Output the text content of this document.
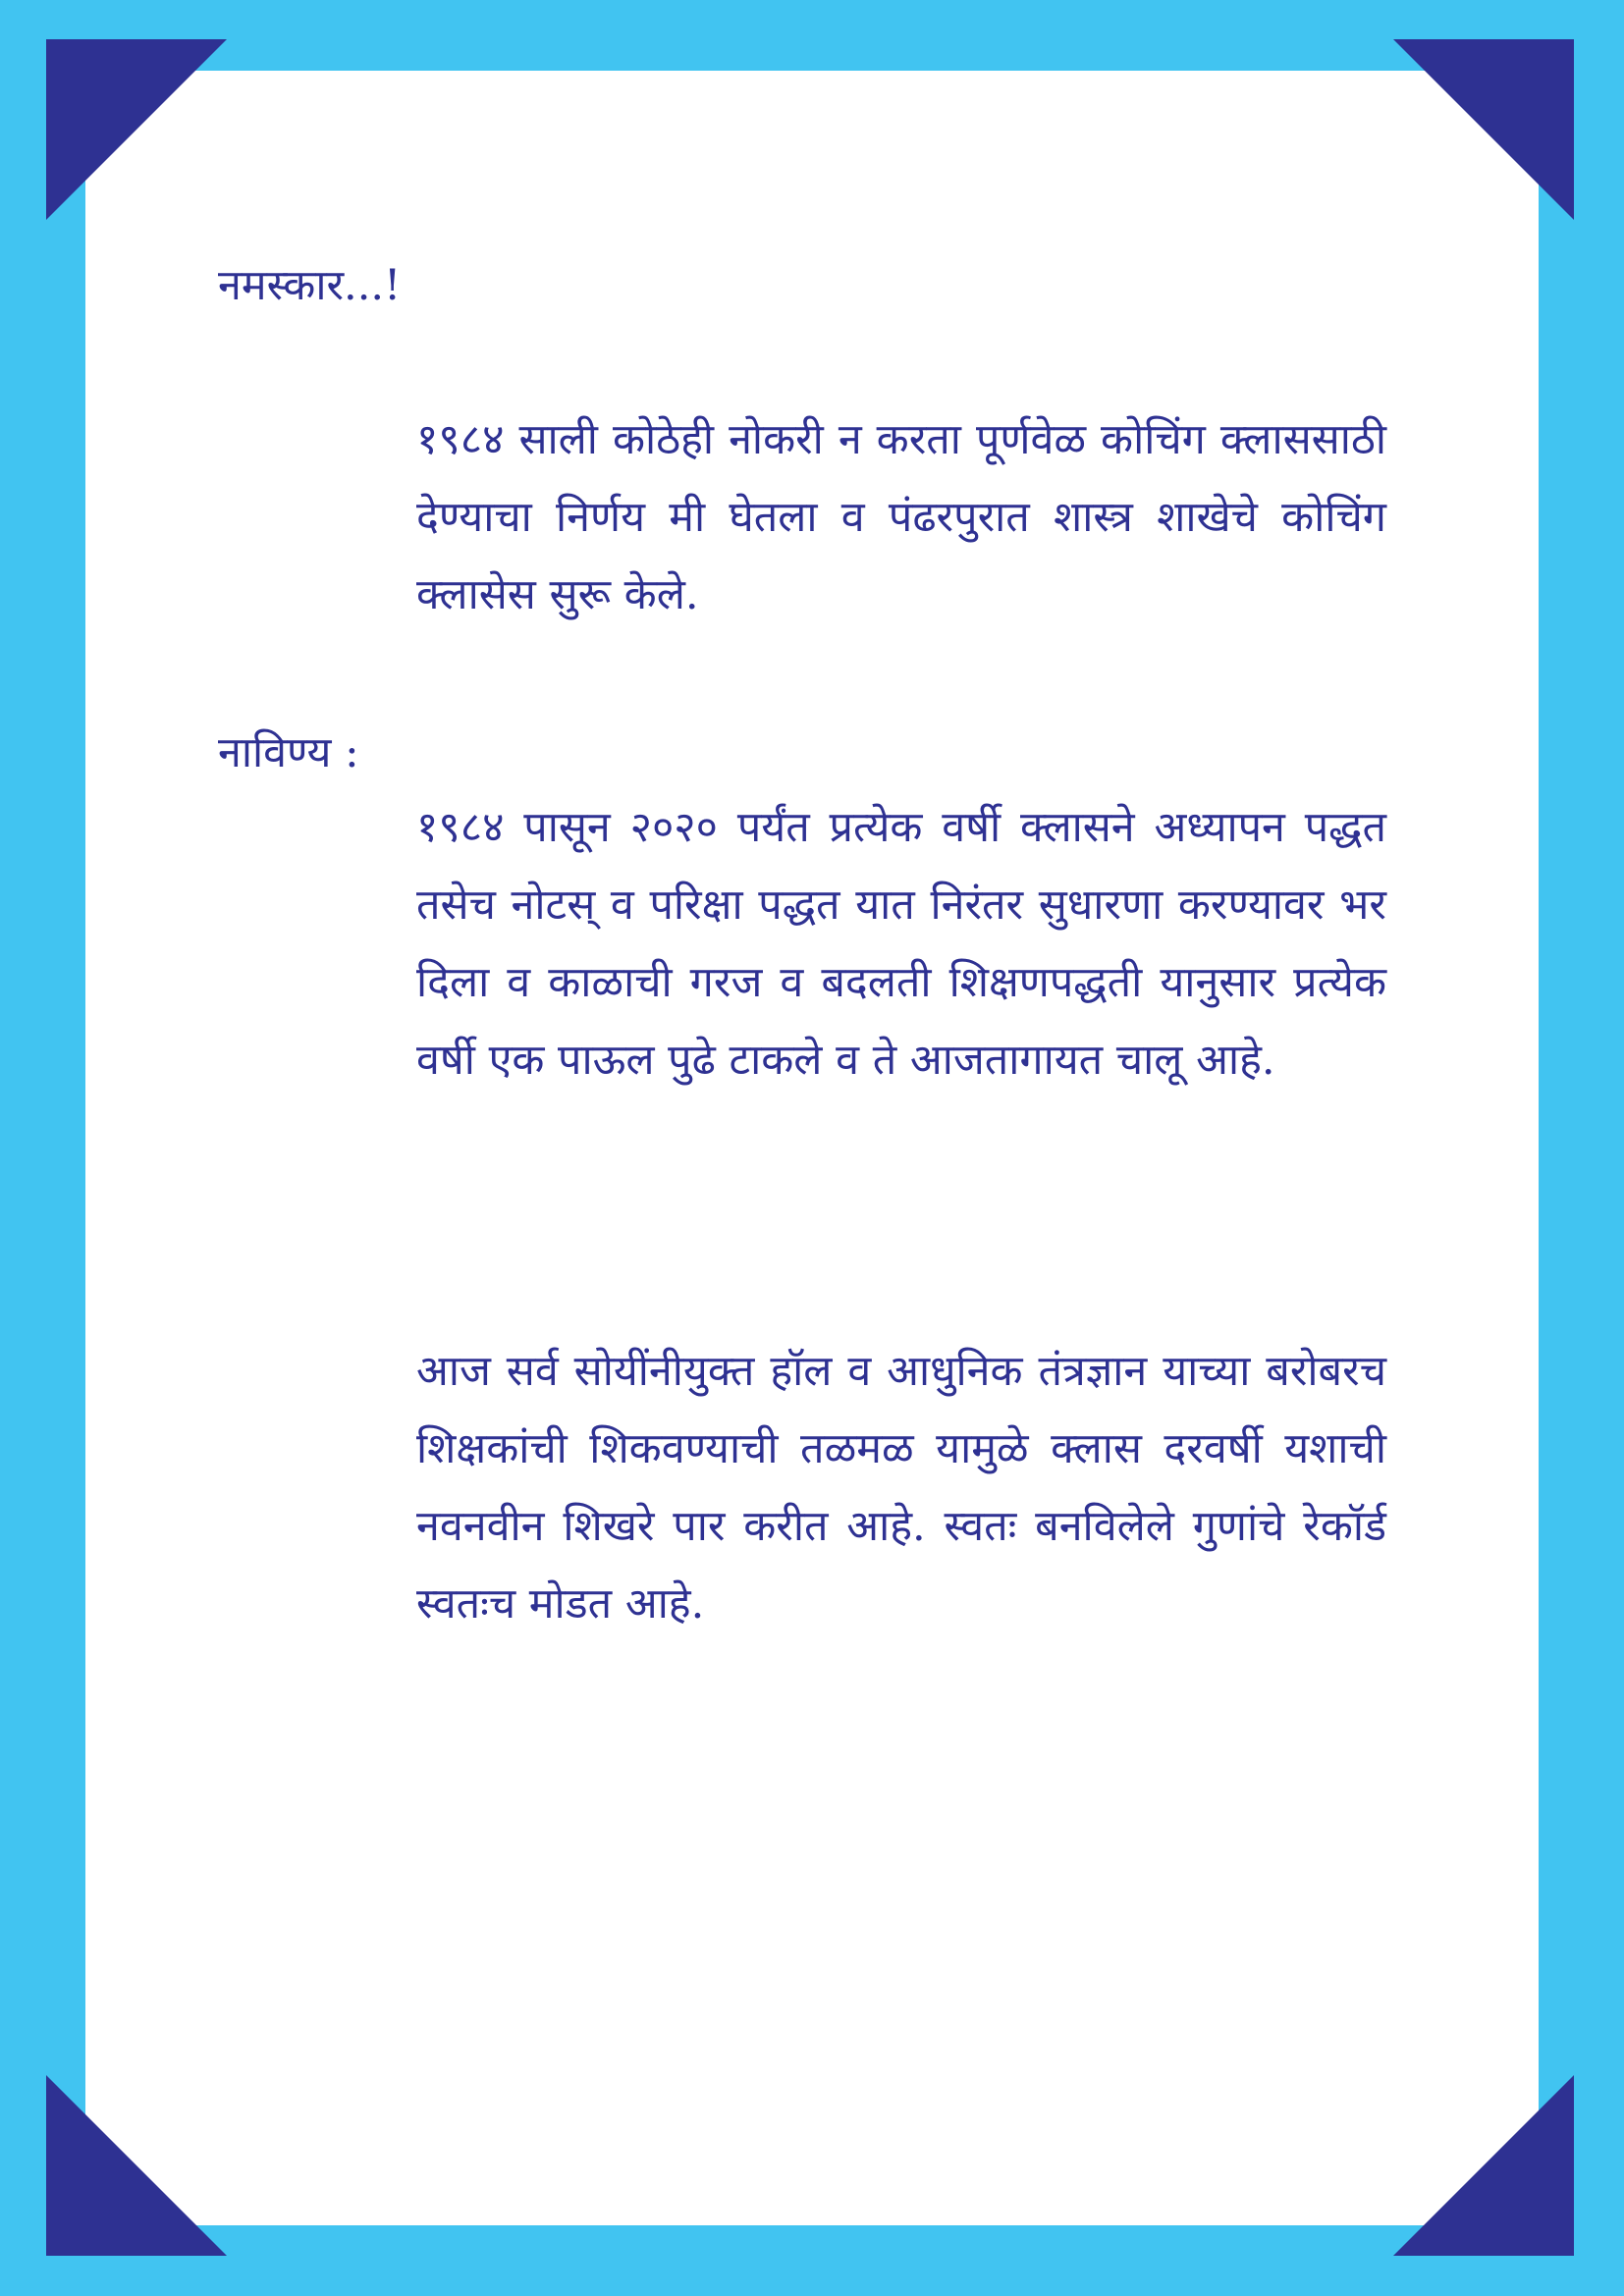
नमस्कार...!

१९८४ साली कोठेही नोकरी न करता पूर्णवेळ कोचिंग क्लाससाठी देण्याचा निर्णय मी घेतला व पंढरपुरात शास्त्र शाखेचे कोचिंग क्लासेस सुरू केले.

नाविण्य :

१९८४ पासून २०२० पर्यंत प्रत्येक वर्षी क्लासने अध्यापन पद्धत तसेच नोटस् व परिक्षा पद्धत यात निरंतर सुधारणा करण्यावर भर दिला व काळाची गरज व बदलती शिक्षणपद्धती यानुसार प्रत्येक वर्षी एक पाऊल पुढे टाकले व ते आजतागायत चालू आहे.

आज सर्व सोयींनीयुक्त हॉल व आधुनिक तंत्रज्ञान याच्या बरोबरच शिक्षकांची शिकवण्याची तळमळ यामुळे क्लास दरवर्षी यशाची नवनवीन शिखरे पार करीत आहे. स्वतः बनविलेले गुणांचे रेकॉर्ड स्वतःच मोडत आहे.
